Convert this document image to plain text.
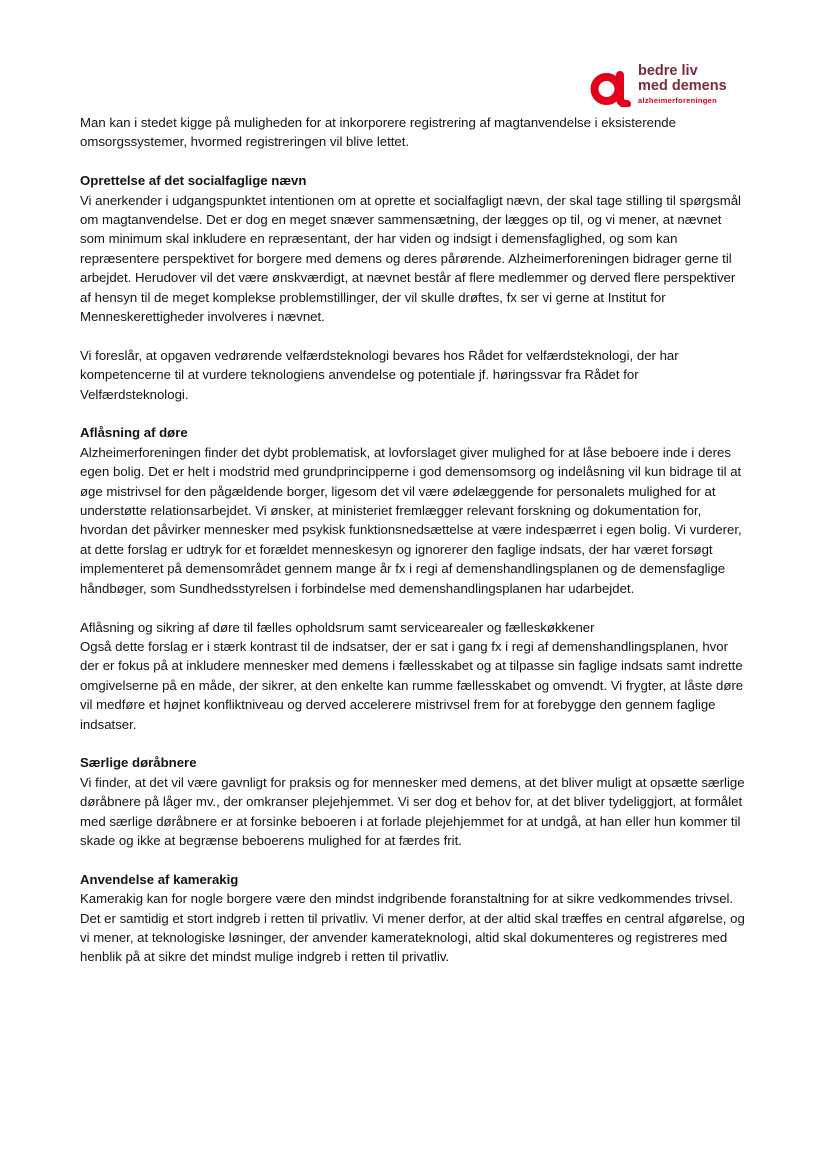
bedre liv
med demens
alzheimerforeningen

Man kan i stedet kigge på muligheden for at inkorporere registrering af magtanvendelse i eksisterende omsorgssystemer, hvormed registreringen vil blive lettet.

Oprettelse af det socialfaglige nævn

Vi anerkender i udgangspunktet intentionen om at oprette et socialfagligt nævn, der skal tage stilling til spørgsmål om magtanvendelse. Det er dog en meget snæver sammensætning, der lægges op til, og vi mener, at nævnet som minimum skal inkludere en repræsentant, der har viden og indsigt i demensfaglighed, og som kan repræsentere perspektivet for borgere med demens og deres pårørende. Alzheimerforeningen bidrager gerne til arbejdet. Herudover vil det være ønskværdigt, at nævnet består af flere medlemmer og derved flere perspektiver af hensyn til de meget komplekse problemstillinger, der vil skulle drøftes, fx ser vi gerne at Institut for Menneskerettigheder involveres i nævnet.

Vi foreslår, at opgaven vedrørende velfærdsteknologi bevares hos Rådet for velfærdsteknologi, der har kompetencerne til at vurdere teknologiens anvendelse og potentiale jf. høringssvar fra Rådet for Velfærdsteknologi.

Aflåsning af døre

Alzheimerforeningen finder det dybt problematisk, at lovforslaget giver mulighed for at låse beboere inde i deres egen bolig. Det er helt i modstrid med grundprincipperne i god demensomsorg og indelåsning vil kun bidrage til at øge mistrivsel for den pågældende borger, ligesom det vil være ødelæggende for personalets mulighed for at understøtte relationsarbejdet. Vi ønsker, at ministeriet fremlægger relevant forskning og dokumentation for, hvordan det påvirker mennesker med psykisk funktionsnedsættelse at være indespærret i egen bolig. Vi vurderer, at dette forslag er udtryk for et forældet menneskesyn og ignorerer den faglige indsats, der har været forsøgt implementeret på demensområdet gennem mange år fx i regi af demenshandlingsplanen og de demensfaglige håndbøger, som Sundhedsstyrelsen i forbindelse med demenshandlingsplanen har udarbejdet.

Aflåsning og sikring af døre til fælles opholdsrum samt servicearealer og fælleskøkkener

Også dette forslag er i stærk kontrast til de indsatser, der er sat i gang fx i regi af demenshandlingsplanen, hvor der er fokus på at inkludere mennesker med demens i fællesskabet og at tilpasse sin faglige indsats samt indrette omgivelserne på en måde, der sikrer, at den enkelte kan rumme fællesskabet og omvendt. Vi frygter, at låste døre vil medføre et højnet konfliktniveau og derved accelerere mistrivsel frem for at forebygge den gennem faglige indsatser.

Særlige døråbnere

Vi finder, at det vil være gavnligt for praksis og for mennesker med demens, at det bliver muligt at opsætte særlige døråbnere på låger mv., der omkranser plejehjemmet. Vi ser dog et behov for, at det bliver tydeliggjort, at formålet med særlige døråbnere er at forsinke beboeren i at forlade plejehjemmet for at undgå, at han eller hun kommer til skade og ikke at begrænse beboerens mulighed for at færdes frit.

Anvendelse af kamerakig

Kamerakig kan for nogle borgere være den mindst indgribende foranstaltning for at sikre vedkommendes trivsel. Det er samtidig et stort indgreb i retten til privatliv. Vi mener derfor, at der altid skal træffes en central afgørelse, og vi mener, at teknologiske løsninger, der anvender kamerateknologi, altid skal dokumenteres og registreres med henblik på at sikre det mindst mulige indgreb i retten til privatliv.
